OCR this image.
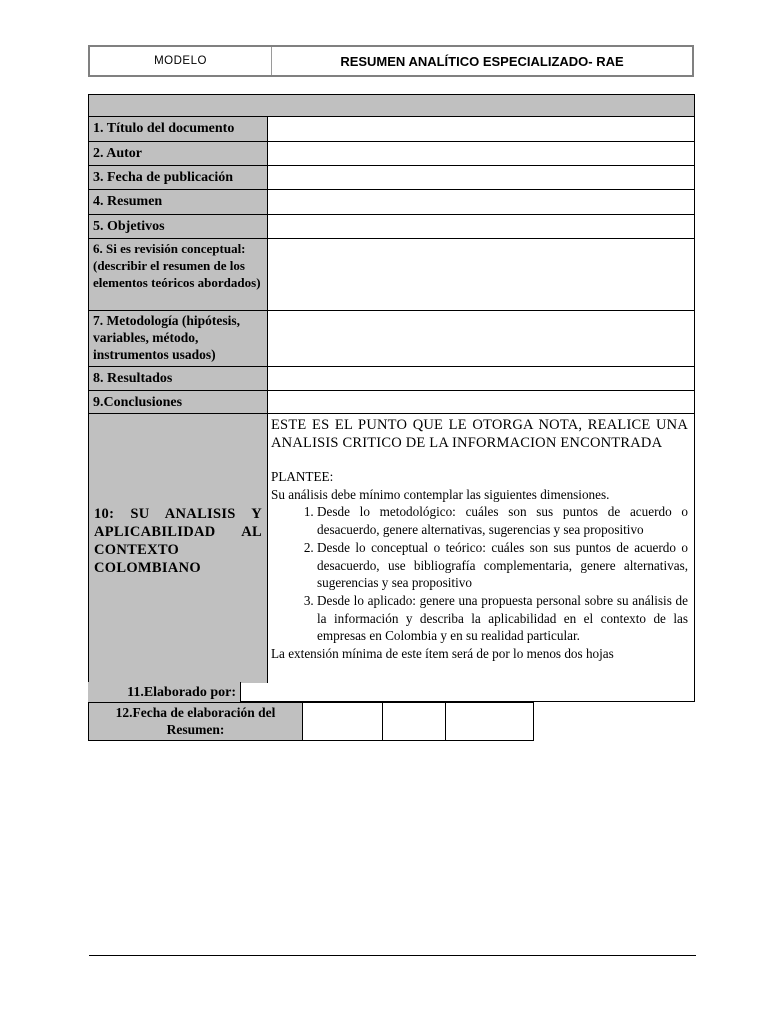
MODELO	RESUMEN ANALÍTICO ESPECIALIZADO- RAE
1. Título del documento
2. Autor
3. Fecha de publicación
4. Resumen
5. Objetivos
6. Si es revisión conceptual: (describir el resumen de los elementos teóricos abordados)
7. Metodología (hipótesis, variables, método, instrumentos usados)
8. Resultados
9.Conclusiones
10: SU ANALISIS Y APLICABILIDAD AL CONTEXTO COLOMBIANO
ESTE ES EL PUNTO QUE LE OTORGA NOTA, REALICE UNA ANALISIS CRITICO DE LA INFORMACION ENCONTRADA
PLANTEE:
Su análisis debe mínimo contemplar las siguientes dimensiones.
1. Desde lo metodológico: cuáles son sus puntos de acuerdo o desacuerdo, genere alternativas, sugerencias y sea propositivo
2. Desde lo conceptual o teórico: cuáles son sus puntos de acuerdo o desacuerdo, use bibliografía complementaria, genere alternativas, sugerencias y sea propositivo
3. Desde lo aplicado: genere una propuesta personal sobre su análisis de la información y describa la aplicabilidad en el contexto de las empresas en Colombia y en su realidad particular.
La extensión mínima de este ítem será de por lo menos dos hojas
11.Elaborado por:
12.Fecha de elaboración del Resumen:
